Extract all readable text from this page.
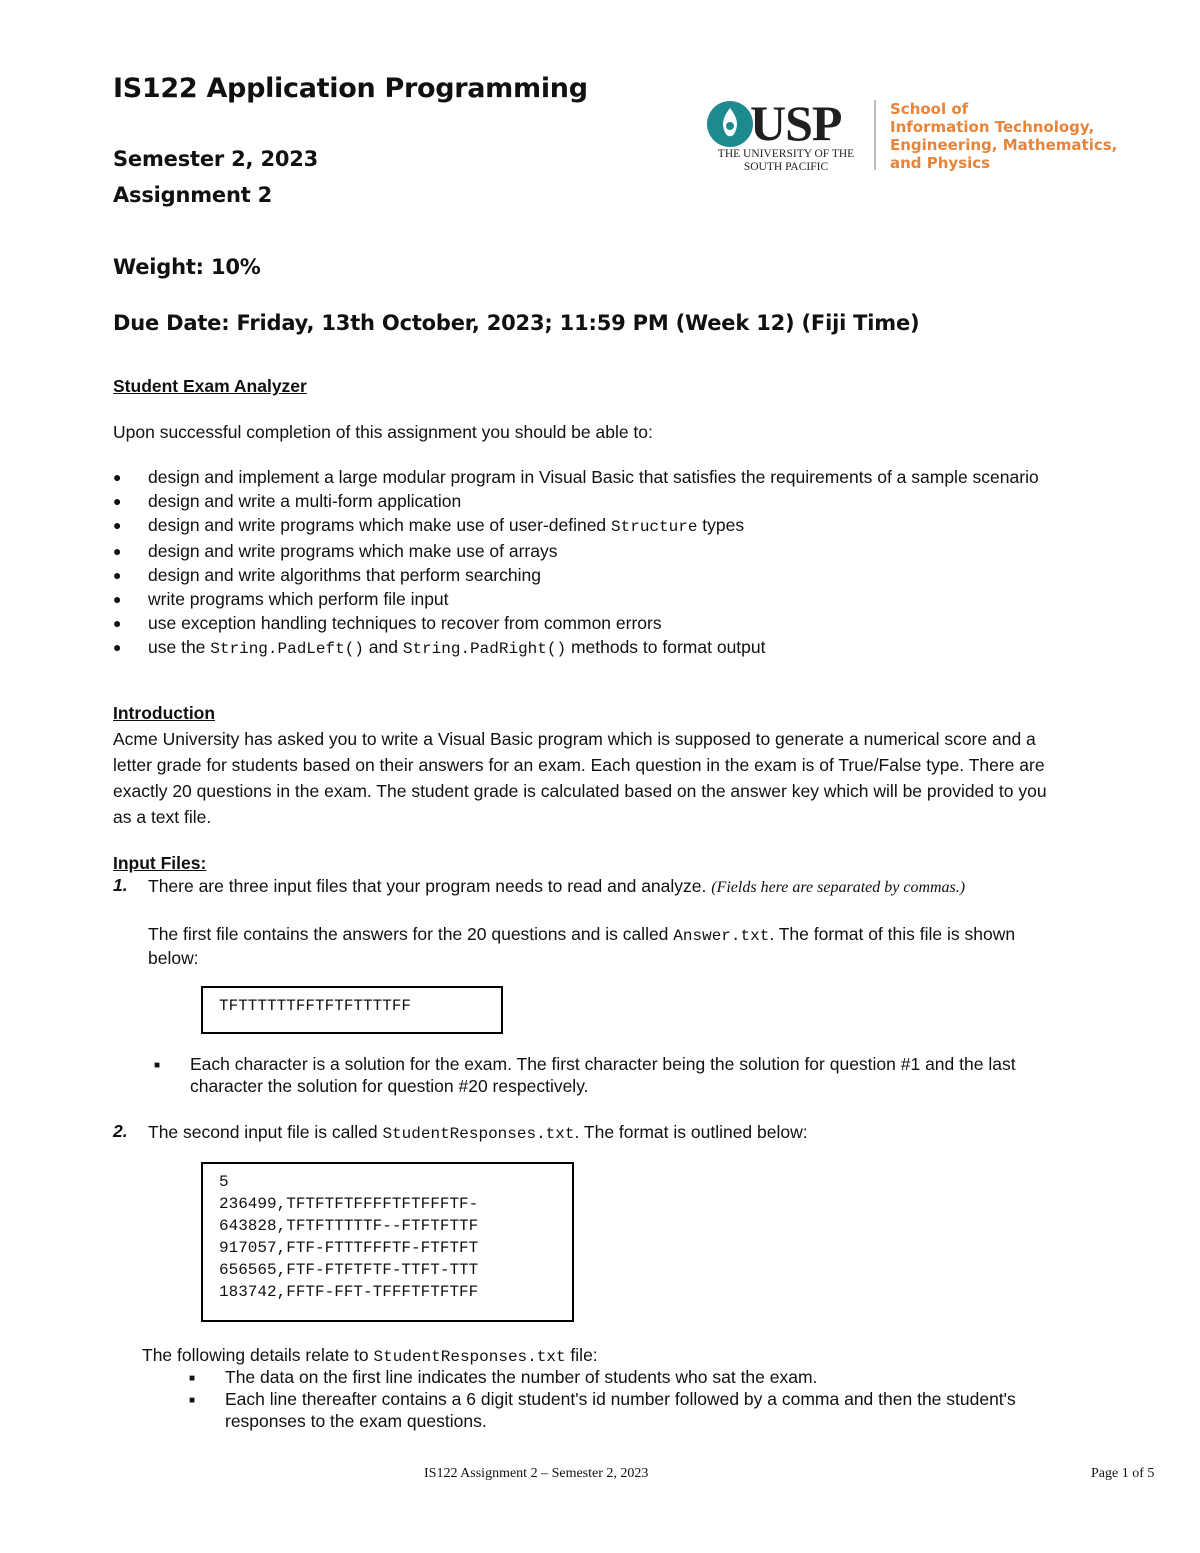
IS122 Application Programming
Semester 2, 2023
Assignment 2
Weight: 10%
Due Date: Friday, 13th October, 2023; 11:59 PM (Week 12) (Fiji Time)
USP
THE UNIVERSITY OF THE
SOUTH PACIFIC
School of
Information Technology,
Engineering, Mathematics,
and Physics
Student Exam Analyzer
Upon successful completion of this assignment you should be able to:
● design and implement a large modular program in Visual Basic that satisfies the requirements of a sample scenario
● design and write a multi-form application
● design and write programs which make use of user-defined Structure types
● design and write programs which make use of arrays
● design and write algorithms that perform searching
● write programs which perform file input
● use exception handling techniques to recover from common errors
● use the String.PadLeft() and String.PadRight() methods to format output
Introduction
Acme University has asked you to write a Visual Basic program which is supposed to generate a numerical score and a letter grade for students based on their answers for an exam. Each question in the exam is of True/False type. There are exactly 20 questions in the exam. The student grade is calculated based on the answer key which will be provided to you as a text file.
Input Files:
1. There are three input files that your program needs to read and analyze. (Fields here are separated by commas.)
The first file contains the answers for the 20 questions and is called Answer.txt. The format of this file is shown below:
TFTTTTTTFFTFTFTTTTFF
■ Each character is a solution for the exam. The first character being the solution for question #1 and the last character the solution for question #20 respectively.
2. The second input file is called StudentResponses.txt. The format is outlined below:
5
236499,TFTFTFTFFFFTFTFFFTF-
643828,TFTFTTTTTF--FTFTFTTF
917057,FTF-FTTTFFFTF-FTFTFT
656565,FTF-FTFTFTF-TTFT-TTT
183742,FFTF-FFT-TFFFTFTFTFF
The following details relate to StudentResponses.txt file:
■ The data on the first line indicates the number of students who sat the exam.
■ Each line thereafter contains a 6 digit student's id number followed by a comma and then the student's responses to the exam questions.
IS122 Assignment 2 – Semester 2, 2023	Page 1 of 5
